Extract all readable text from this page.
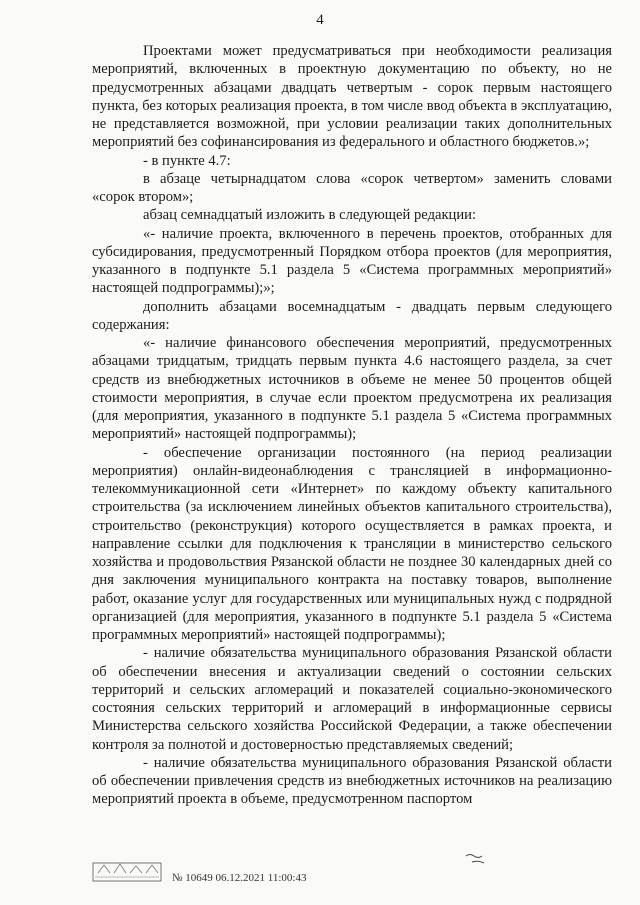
4

Проектами может предусматриваться при необходимости реализация мероприятий, включенных в проектную документацию по объекту, но не предусмотренных абзацами двадцать четвертым - сорок первым настоящего пункта, без которых реализация проекта, в том числе ввод объекта в эксплуатацию, не представляется возможной, при условии реализации таких дополнительных мероприятий без софинансирования из федерального и областного бюджетов.»;

- в пункте 4.7:

в абзаце четырнадцатом слова «сорок четвертом» заменить словами «сорок втором»;

абзац семнадцатый изложить в следующей редакции:

«- наличие проекта, включенного в перечень проектов, отобранных для субсидирования, предусмотренный Порядком отбора проектов (для мероприятия, указанного в подпункте 5.1 раздела 5 «Система программных мероприятий» настоящей подпрограммы);»;

дополнить абзацами восемнадцатым - двадцать первым следующего содержания:

«- наличие финансового обеспечения мероприятий, предусмотренных абзацами тридцатым, тридцать первым пункта 4.6 настоящего раздела, за счет средств из внебюджетных источников в объеме не менее 50 процентов общей стоимости мероприятия, в случае если проектом предусмотрена их реализация (для мероприятия, указанного в подпункте 5.1 раздела 5 «Система программных мероприятий» настоящей подпрограммы);

- обеспечение организации постоянного (на период реализации мероприятия) онлайн-видеонаблюдения с трансляцией в информационно-телекоммуникационной сети «Интернет» по каждому объекту капитального строительства (за исключением линейных объектов капитального строительства), строительство (реконструкция) которого осуществляется в рамках проекта, и направление ссылки для подключения к трансляции в министерство сельского хозяйства и продовольствия Рязанской области не позднее 30 календарных дней со дня заключения муниципального контракта на поставку товаров, выполнение работ, оказание услуг для государственных или муниципальных нужд с подрядной организацией (для мероприятия, указанного в подпункте 5.1 раздела 5 «Система программных мероприятий» настоящей подпрограммы);

- наличие обязательства муниципального образования Рязанской области об обеспечении внесения и актуализации сведений о состоянии сельских территорий и сельских агломераций и показателей социально-экономического состояния сельских территорий и агломераций в информационные сервисы Министерства сельского хозяйства Российской Федерации, а также обеспечении контроля за полнотой и достоверностью представляемых сведений;

- наличие обязательства муниципального образования Рязанской области об обеспечении привлечения средств из внебюджетных источников на реализацию мероприятий проекта в объеме, предусмотренном паспортом

№ 10649 06.12.2021 11:00:43
